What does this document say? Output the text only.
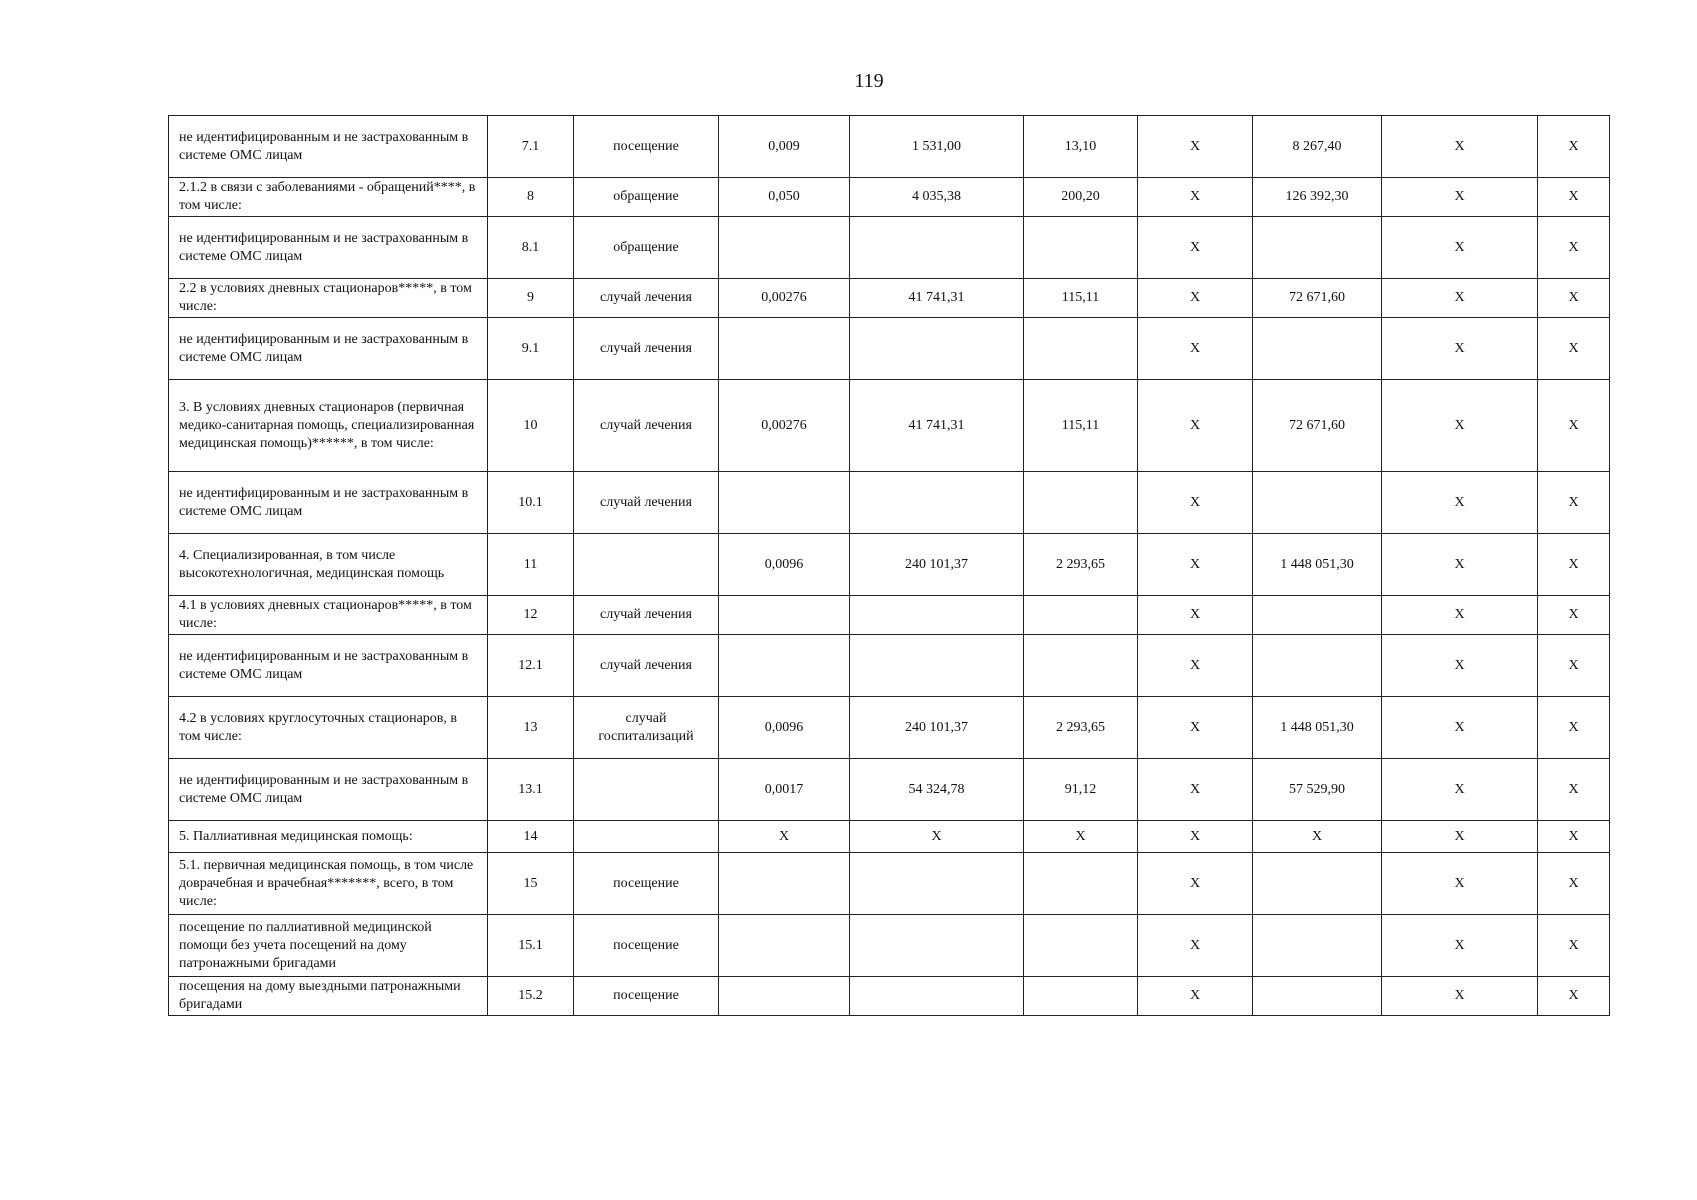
119
не идентифицированным и не застрахованным в системе ОМС лицам	7.1	посещение	0,009	1 531,00	13,10	X	8 267,40	X	X
2.1.2 в связи с заболеваниями - обращений****, в том числе:	8	обращение	0,050	4 035,38	200,20	X	126 392,30	X	X
не идентифицированным и не застрахованным в системе ОМС лицам	8.1	обращение				X		X	X
2.2 в условиях дневных стационаров*****, в том числе:	9	случай лечения	0,00276	41 741,31	115,11	X	72 671,60	X	X
не идентифицированным и не застрахованным в системе ОМС лицам	9.1	случай лечения				X		X	X
3. В условиях дневных стационаров (первичная медико-санитарная помощь, специализированная медицинская помощь)******, в том числе:	10	случай лечения	0,00276	41 741,31	115,11	X	72 671,60	X	X
не идентифицированным и не застрахованным в системе ОМС лицам	10.1	случай лечения				X		X	X
4. Специализированная, в том числе высокотехнологичная, медицинская помощь	11		0,0096	240 101,37	2 293,65	X	1 448 051,30	X	X
4.1 в условиях дневных стационаров*****, в том числе:	12	случай лечения				X		X	X
не идентифицированным и не застрахованным в системе ОМС лицам	12.1	случай лечения				X		X	X
4.2 в условиях круглосуточных стационаров, в том числе:	13	случай госпитализаций	0,0096	240 101,37	2 293,65	X	1 448 051,30	X	X
не идентифицированным и не застрахованным в системе ОМС лицам	13.1		0,0017	54 324,78	91,12	X	57 529,90	X	X
5. Паллиативная медицинская помощь:	14		X	X	X	X	X	X	X
5.1. первичная медицинская помощь, в том числе доврачебная и врачебная*******, всего, в том числе:	15	посещение				X		X	X
посещение по паллиативной медицинской помощи без учета посещений на дому патронажными бригадами	15.1	посещение				X		X	X
посещения на дому выездными патронажными бригадами	15.2	посещение				X		X	X
